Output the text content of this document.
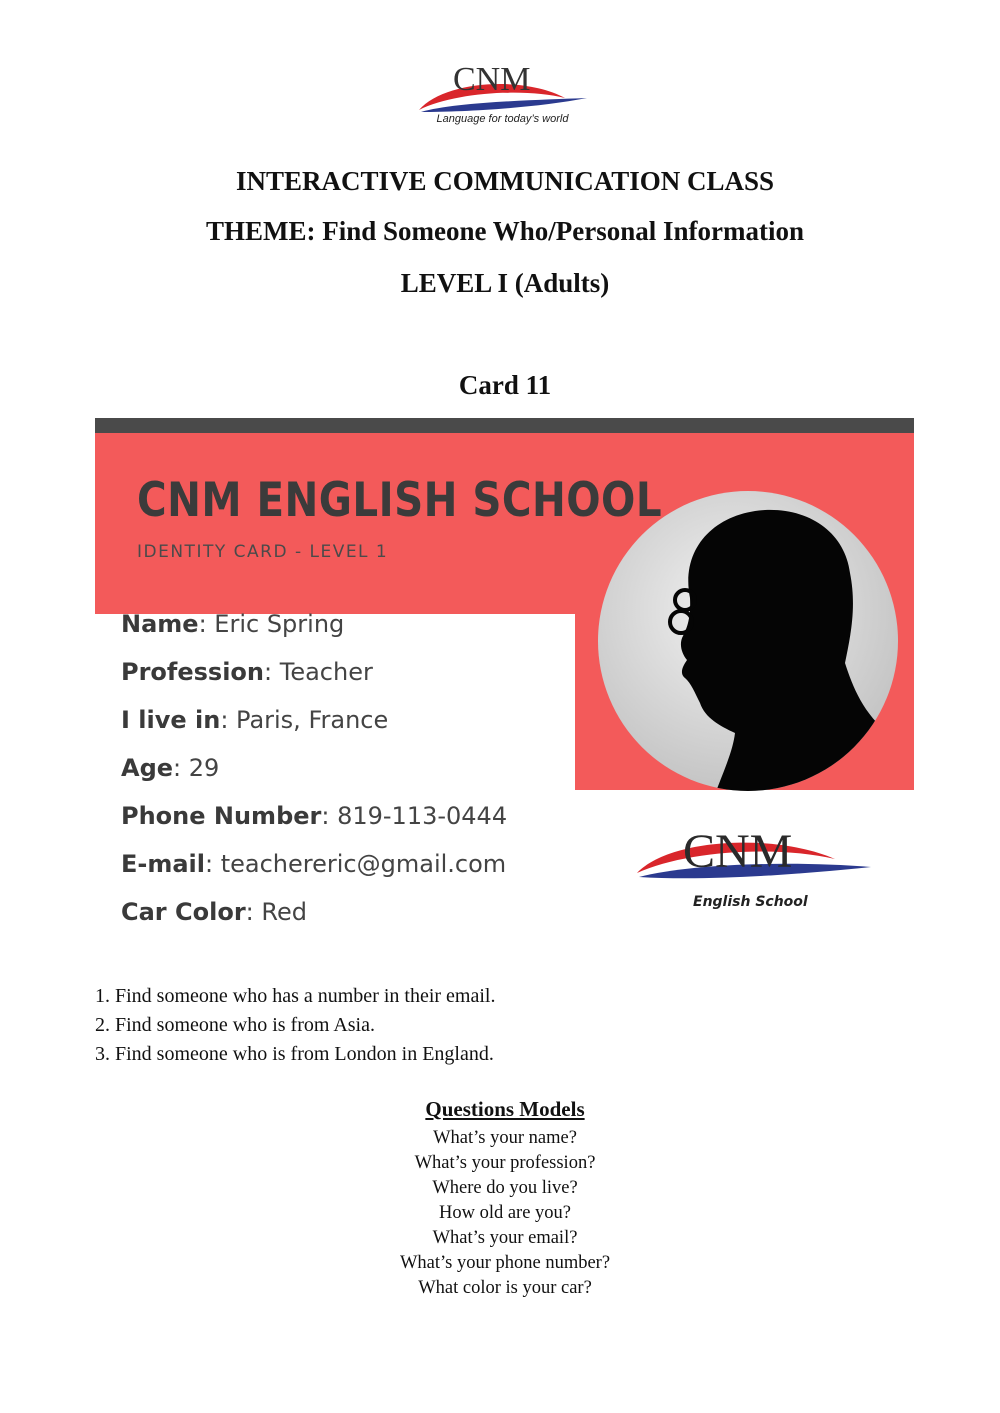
CNM
Language for today’s world
INTERACTIVE COMMUNICATION CLASS
THEME: Find Someone Who/Personal Information
LEVEL I (Adults)
Card 11
CNM ENGLISH SCHOOL
IDENTITY CARD - LEVEL 1
Name: Eric Spring
Profession: Teacher
I live in: Paris, France
Age: 29
Phone Number: 819-113-0444
E-mail: teachereric@gmail.com
Car Color: Red
CNM
English School
1. Find someone who has a number in their email.
2. Find someone who is from Asia.
3. Find someone who is from London in England.
Questions Models
What’s your name?
What’s your profession?
Where do you live?
How old are you?
What’s your email?
What’s your phone number?
What color is your car?
